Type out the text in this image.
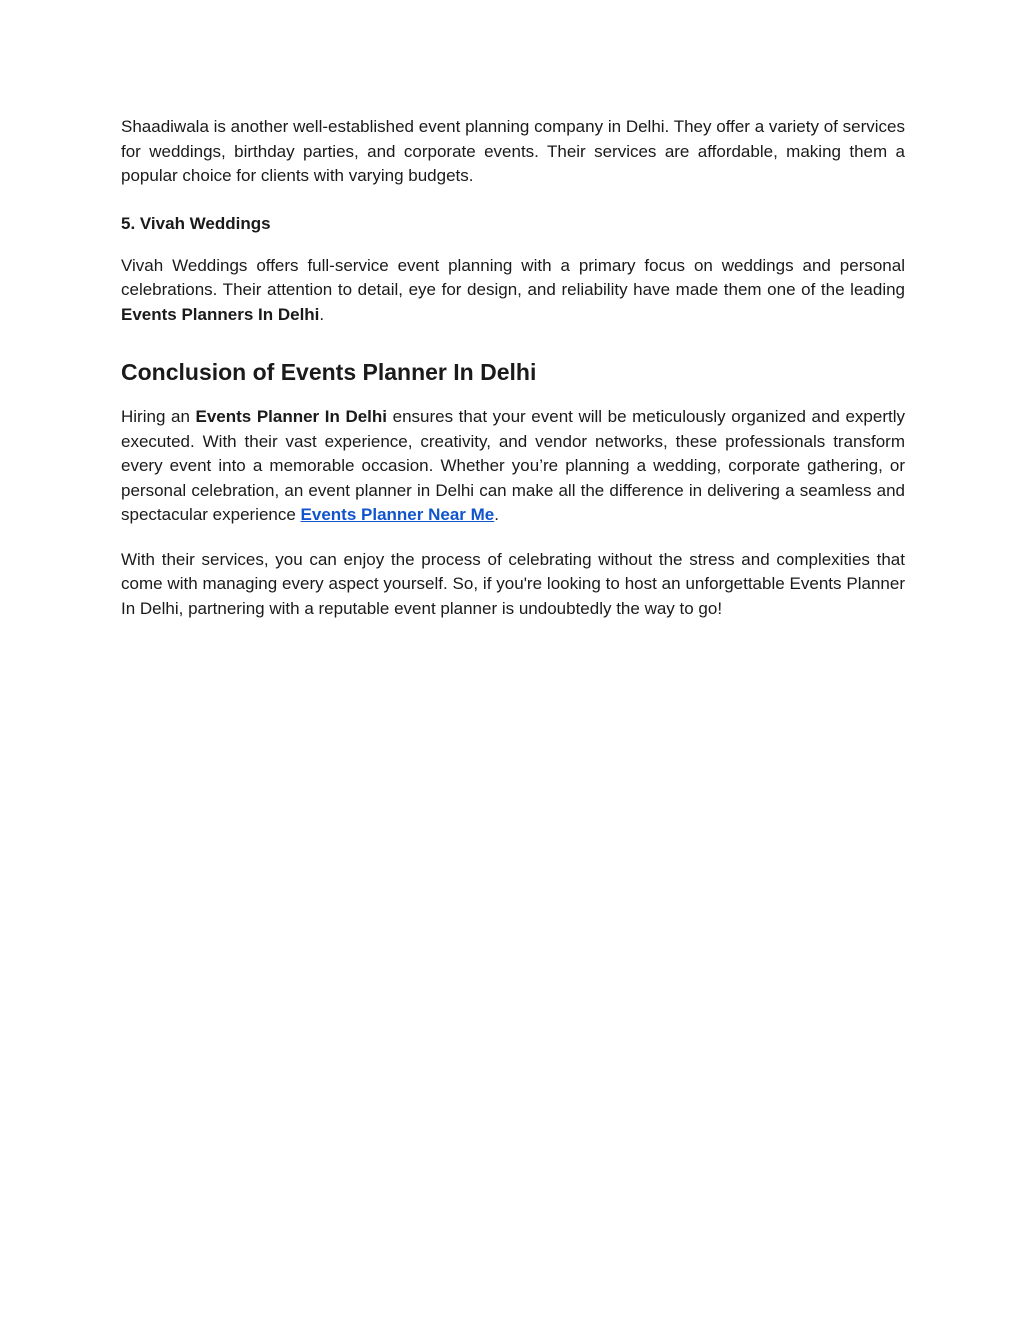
Shaadiwala is another well-established event planning company in Delhi. They offer a variety of services for weddings, birthday parties, and corporate events. Their services are affordable, making them a popular choice for clients with varying budgets.

5. Vivah Weddings

Vivah Weddings offers full-service event planning with a primary focus on weddings and personal celebrations. Their attention to detail, eye for design, and reliability have made them one of the leading Events Planners In Delhi.

Conclusion of Events Planner In Delhi

Hiring an Events Planner In Delhi ensures that your event will be meticulously organized and expertly executed. With their vast experience, creativity, and vendor networks, these professionals transform every event into a memorable occasion. Whether you’re planning a wedding, corporate gathering, or personal celebration, an event planner in Delhi can make all the difference in delivering a seamless and spectacular experience Events Planner Near Me.

With their services, you can enjoy the process of celebrating without the stress and complexities that come with managing every aspect yourself. So, if you're looking to host an unforgettable Events Planner In Delhi, partnering with a reputable event planner is undoubtedly the way to go!
